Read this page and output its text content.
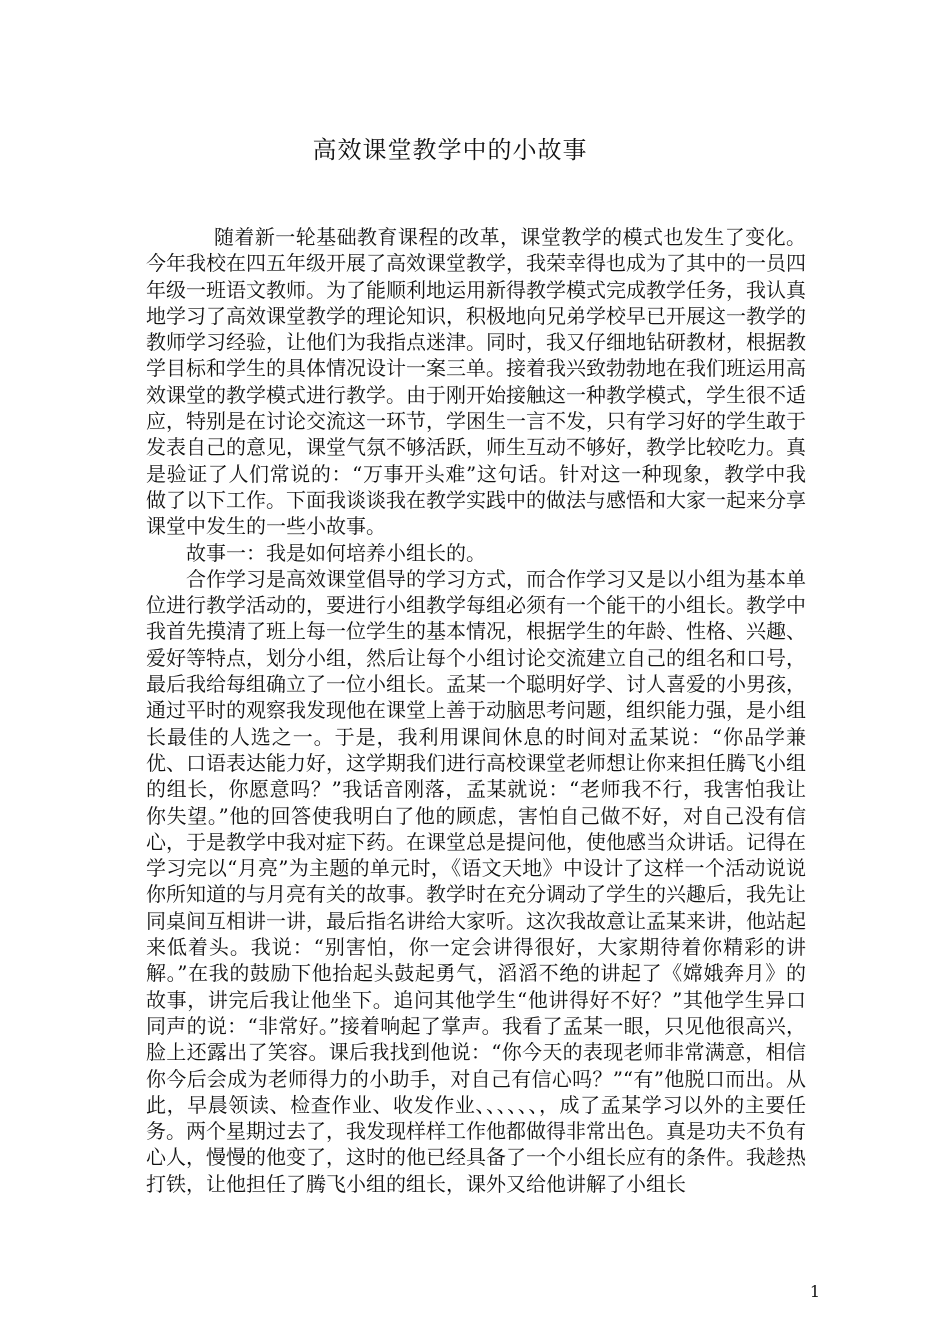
高效课堂教学中的小故事

随着新一轮基础教育课程的改革，课堂教学的模式也发生了变化。今年我校在四五年级开展了高效课堂教学，我荣幸得也成为了其中的一员四年级一班语文教师。为了能顺利地运用新得教学模式完成教学任务，我认真地学习了高效课堂教学的理论知识，积极地向兄弟学校早已开展这一教学的教师学习经验，让他们为我指点迷津。同时，我又仔细地钻研教材，根据教学目标和学生的具体情况设计一案三单。接着我兴致勃勃地在我们班运用高效课堂的教学模式进行教学。由于刚开始接触这一种教学模式，学生很不适应，特别是在讨论交流这一环节，学困生一言不发，只有学习好的学生敢于发表自己的意见，课堂气氛不够活跃，师生互动不够好，教学比较吃力。真是验证了人们常说的：“万事开头难”这句话。针对这一种现象，教学中我做了以下工作。下面我谈谈我在教学实践中的做法与感悟和大家一起来分享课堂中发生的一些小故事。

故事一：我是如何培养小组长的。

合作学习是高效课堂倡导的学习方式，而合作学习又是以小组为基本单位进行教学活动的，要进行小组教学每组必须有一个能干的小组长。教学中我首先摸清了班上每一位学生的基本情况，根据学生的年龄、性格、兴趣、爱好等特点，划分小组，然后让每个小组讨论交流建立自己的组名和口号，最后我给每组确立了一位小组长。孟某一个聪明好学、讨人喜爱的小男孩，通过平时的观察我发现他在课堂上善于动脑思考问题，组织能力强，是小组长最佳的人选之一。于是，我利用课间休息的时间对孟某说：“你品学兼优、口语表达能力好，这学期我们进行高校课堂老师想让你来担任腾飞小组的组长，你愿意吗？”我话音刚落，孟某就说：“老师我不行，我害怕我让你失望。”他的回答使我明白了他的顾虑，害怕自己做不好，对自己没有信心，于是教学中我对症下药。在课堂总是提问他，使他感当众讲话。记得在学习完以“月亮”为主题的单元时，《语文天地》中设计了这样一个活动说说你所知道的与月亮有关的故事。教学时在充分调动了学生的兴趣后，我先让同桌间互相讲一讲，最后指名讲给大家听。这次我故意让孟某来讲，他站起来低着头。我说：“别害怕，你一定会讲得很好，大家期待着你精彩的讲解。”在我的鼓励下他抬起头鼓起勇气，滔滔不绝的讲起了《嫦娥奔月》的故事，讲完后我让他坐下。追问其他学生“他讲得好不好？”其他学生异口同声的说：“非常好。”接着响起了掌声。我看了孟某一眼，只见他很高兴，脸上还露出了笑容。课后我找到他说：“你今天的表现老师非常满意，相信你今后会成为老师得力的小助手，对自己有信心吗？”“有”他脱口而出。从此，早晨领读、检查作业、收发作业、、、、、、，成了孟某学习以外的主要任务。两个星期过去了，我发现样样工作他都做得非常出色。真是功夫不负有心人，慢慢的他变了，这时的他已经具备了一个小组长应有的条件。我趁热打铁，让他担任了腾飞小组的组长，课外又给他讲解了小组长

1
